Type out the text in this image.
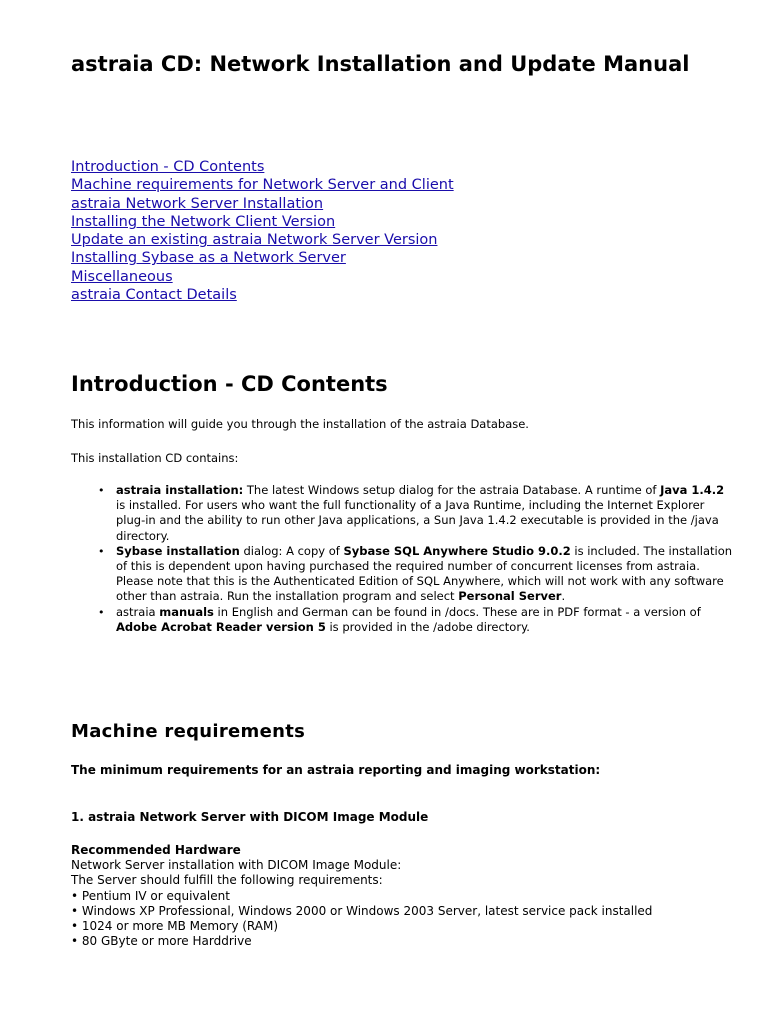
astraia CD: Network Installation and Update Manual
Introduction - CD Contents
Machine requirements for Network Server and Client
astraia Network Server Installation
Installing the Network Client Version
Update an existing astraia Network Server Version
Installing Sybase as a Network Server
Miscellaneous
astraia Contact Details
Introduction - CD Contents

This information will guide you through the installation of the astraia Database.

This installation CD contains:

• astraia installation: The latest Windows setup dialog for the astraia Database. A runtime of Java 1.4.2 is installed. For users who want the full functionality of a Java Runtime, including the Internet Explorer plug-in and the ability to run other Java applications, a Sun Java 1.4.2 executable is provided in the /java directory.
• Sybase installation dialog: A copy of Sybase SQL Anywhere Studio 9.0.2 is included. The installation of this is dependent upon having purchased the required number of concurrent licenses from astraia. Please note that this is the Authenticated Edition of SQL Anywhere, which will not work with any software other than astraia. Run the installation program and select Personal Server.
• astraia manuals in English and German can be found in /docs. These are in PDF format - a version of Adobe Acrobat Reader version 5 is provided in the /adobe directory.
Machine requirements

The minimum requirements for an astraia reporting and imaging workstation:

1. astraia Network Server with DICOM Image Module

Recommended Hardware
Network Server installation with DICOM Image Module:
The Server should fulfill the following requirements:
• Pentium IV or equivalent
• Windows XP Professional, Windows 2000 or Windows 2003 Server, latest service pack installed
• 1024 or more MB Memory (RAM)
• 80 GByte or more Harddrive
